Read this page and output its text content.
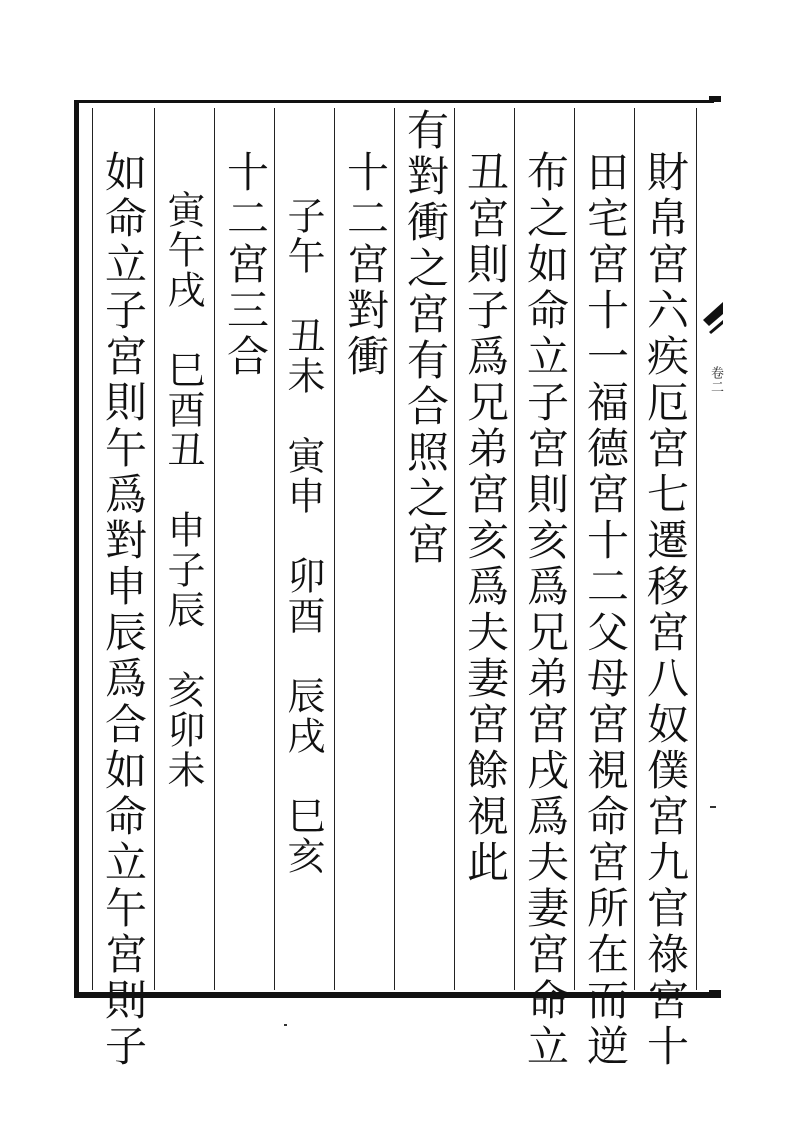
卷二
財帛宮六疾厄宮七遷移宮八奴僕宮九官祿宮十
田宅宮十一福德宮十二父母宮視命宮所在而逆
布之如命立子宮則亥爲兄弟宮戌爲夫妻宮命立
丑宮則子爲兄弟宮亥爲夫妻宮餘視此
有對衝之宮有合照之宮
十二宮對衝
子午　丑未　寅申　卯酉　辰戌　巳亥
十二宮三合
寅午戌　巳酉丑　申子辰　亥卯未
如命立子宮則午爲對申辰爲合如命立午宮則子
